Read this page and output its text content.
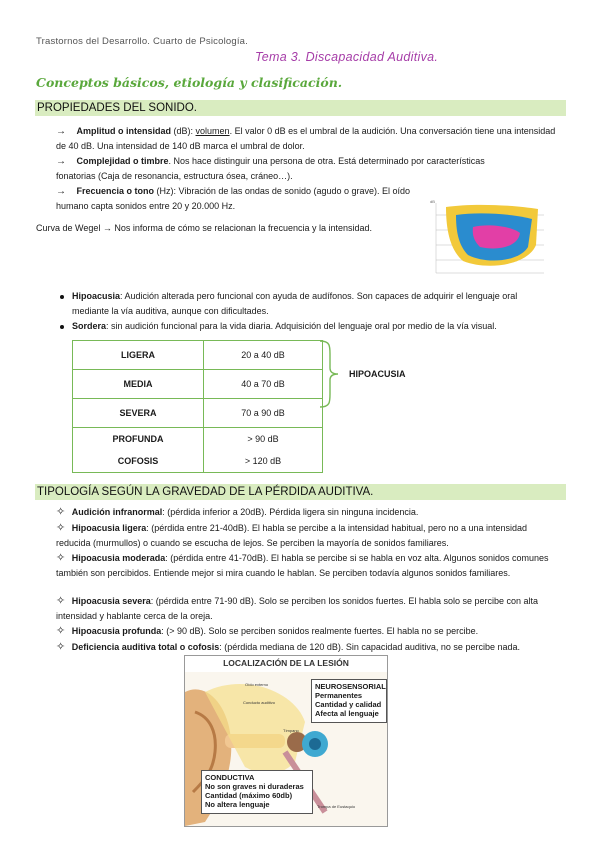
Trastornos del Desarrollo. Cuarto de Psicología.
Tema 3. Discapacidad Auditiva.
Conceptos básicos, etiología y clasificación.
PROPIEDADES DEL SONIDO.
→ Amplitud o intensidad (dB): volumen. El valor 0 dB es el umbral de la audición. Una conversación tiene una intensidad de 40 dB. Una intensidad de 140 dB marca el umbral de dolor.
→ Complejidad o timbre. Nos hace distinguir una persona de otra. Está determinado por características fonatorias (Caja de resonancia, estructura ósea, cráneo…).
→ Frecuencia o tono (Hz): Vibración de las ondas de sonido (agudo o grave). El oído humano capta sonidos entre 20 y 20.000 Hz.
Curva de Wegel → Nos informa de cómo se relacionan la frecuencia y la intensidad.
dB
Hipoacusia: Audición alterada pero funcional con ayuda de audífonos. Son capaces de adquirir el lenguaje oral mediante la vía auditiva, aunque con dificultades.
Sordera: sin audición funcional para la vida diaria. Adquisición del lenguaje oral por medio de la vía visual.
LIGERA	20 a 40 dB
MEDIA	40 a 70 dB
SEVERA	70 a 90 dB
PROFUNDA	> 90 dB
COFOSIS	> 120 dB
HIPOACUSIA
TIPOLOGÍA SEGÚN LA GRAVEDAD DE LA PÉRDIDA AUDITIVA.
✧ Audición infranormal: (pérdida inferior a 20dB). Pérdida ligera sin ninguna incidencia.
✧ Hipoacusia ligera: (pérdida entre 21-40dB). El habla se percibe a la intensidad habitual, pero no a una intensidad reducida (murmullos) o cuando se escucha de lejos. Se perciben la mayoría de sonidos familiares.
✧ Hipoacusia moderada: (pérdida entre 41-70dB). El habla se percibe si se habla en voz alta. Algunos sonidos comunes también son percibidos. Entiende mejor si mira cuando le hablan. Se perciben todavía algunos sonidos familiares.
✧ Hipoacusia severa: (pérdida entre 71-90 dB). Solo se perciben los sonidos fuertes. El habla solo se percibe con alta intensidad y hablante cerca de la oreja.
✧ Hipoacusia profunda: (> 90 dB). Solo se perciben sonidos realmente fuertes. El habla no se percibe.
✧ Deficiencia auditiva total o cofosis: (pérdida mediana de 120 dB). Sin capacidad auditiva, no se percibe nada.
LOCALIZACIÓN DE LA LESIÓN
Oído externo
Conducto auditivo
Tímpano
Trompa de Eustaquio
NEUROSENSORIAL
Permanentes
Cantidad y calidad
Afecta al lenguaje
CONDUCTIVA
No son graves ni duraderas
Cantidad (máximo 60db)
No altera lenguaje
